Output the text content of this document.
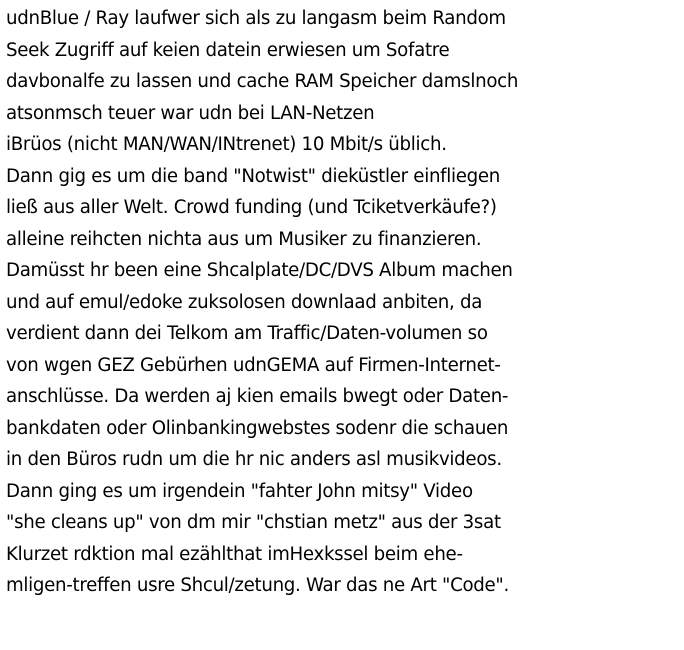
udnBlue / Ray laufwer sich als zu langasm beim Random
Seek Zugriff auf keien datein erwiesen um Sofatre
davbonalfe zu lassen und cache RAM Speicher damslnoch
atsonmsch teuer war udn bei LAN-Netzen
iBrüos (nicht MAN/WAN/INtrenet) 10 Mbit/s üblich.
Dann gig es um die band "Notwist" dieküstler einfliegen
ließ aus aller Welt. Crowd funding (und Tciketverkäufe?)
alleine reihcten nichta aus um Musiker zu finanzieren.
Damüsst hr been eine Shcalplate/DC/DVS Album machen
und auf emul/edoke zuksolosen downlaad anbiten, da
verdient dann dei Telkom am Traffic/Daten-volumen so
von wgen GEZ Gebürhen udnGEMA auf Firmen-Internet-
anschlüsse. Da werden aj kien emails bwegt oder Daten-
bankdaten oder Olinbankingwebstes sodenr die schauen
in den Büros rudn um die hr nic anders asl musikvideos.
Dann ging es um irgendein "fahter John mitsy" Video
"she cleans up" von dm mir "chstian metz" aus der 3sat
Klurzet rdktion mal ezählthat imHexkssel beim ehe-
mligen-treffen usre Shcul/zetung. War das ne Art "Code".
